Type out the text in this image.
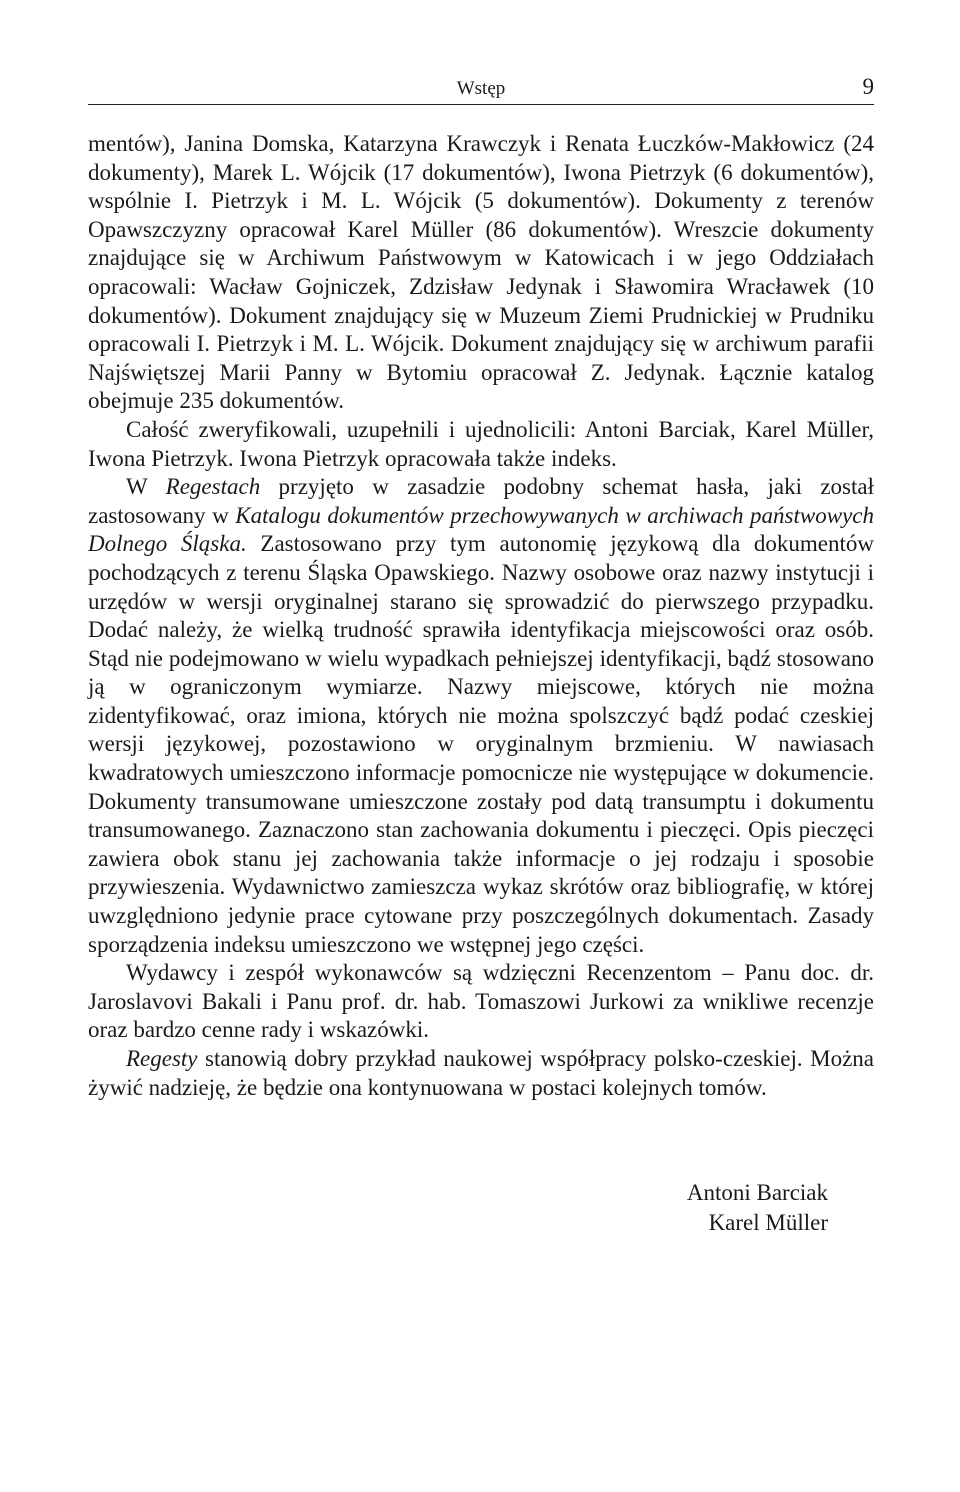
Wstęp	9

mentów), Janina Domska, Katarzyna Krawczyk i Renata Łuczków-Makłowicz (24 dokumenty), Marek L. Wójcik (17 dokumentów), Iwona Pietrzyk (6 dokumentów), wspólnie I. Pietrzyk i M. L. Wójcik (5 dokumentów). Dokumenty z terenów Opawszczyzny opracował Karel Müller (86 dokumentów). Wreszcie dokumenty znajdujące się w Archiwum Państwowym w Katowicach i w jego Oddziałach opracowali: Wacław Gojniczek, Zdzisław Jedynak i Sławomira Wracławek (10 dokumentów). Dokument znajdujący się w Muzeum Ziemi Prudnickiej w Prudniku opracowali I. Pietrzyk i M. L. Wójcik. Dokument znajdujący się w archiwum parafii Najświętszej Marii Panny w Bytomiu opracował Z. Jedynak. Łącznie katalog obejmuje 235 dokumentów.

Całość zweryfikowali, uzupełnili i ujednolicili: Antoni Barciak, Karel Müller, Iwona Pietrzyk. Iwona Pietrzyk opracowała także indeks.

W Regestach przyjęto w zasadzie podobny schemat hasła, jaki został zastosowany w Katalogu dokumentów przechowywanych w archiwach państwowych Dolnego Śląska. Zastosowano przy tym autonomię językową dla dokumentów pochodzących z terenu Śląska Opawskiego. Nazwy osobowe oraz nazwy instytucji i urzędów w wersji oryginalnej starano się sprowadzić do pierwszego przypadku. Dodać należy, że wielką trudność sprawiła identyfikacja miejscowości oraz osób. Stąd nie podejmowano w wielu wypadkach pełniejszej identyfikacji, bądź stosowano ją w ograniczonym wymiarze. Nazwy miejscowe, których nie można zidentyfikować, oraz imiona, których nie można spolszczyć bądź podać czeskiej wersji językowej, pozostawiono w oryginalnym brzmieniu. W nawiasach kwadratowych umieszczono informacje pomocnicze nie występujące w dokumencie. Dokumenty transumowane umieszczone zostały pod datą transumptu i dokumentu transumowanego. Zaznaczono stan zachowania dokumentu i pieczęci. Opis pieczęci zawiera obok stanu jej zachowania także informacje o jej rodzaju i sposobie przywieszenia. Wydawnictwo zamieszcza wykaz skrótów oraz bibliografię, w której uwzględniono jedynie prace cytowane przy poszczególnych dokumentach. Zasady sporządzenia indeksu umieszczono we wstępnej jego części.

Wydawcy i zespół wykonawców są wdzięczni Recenzentom – Panu doc. dr. Jaroslavovi Bakali i Panu prof. dr. hab. Tomaszowi Jurkowi za wnikliwe recenzje oraz bardzo cenne rady i wskazówki.

Regesty stanowią dobry przykład naukowej współpracy polsko-czeskiej. Można żywić nadzieję, że będzie ona kontynuowana w postaci kolejnych tomów.

Antoni Barciak
Karel Müller
